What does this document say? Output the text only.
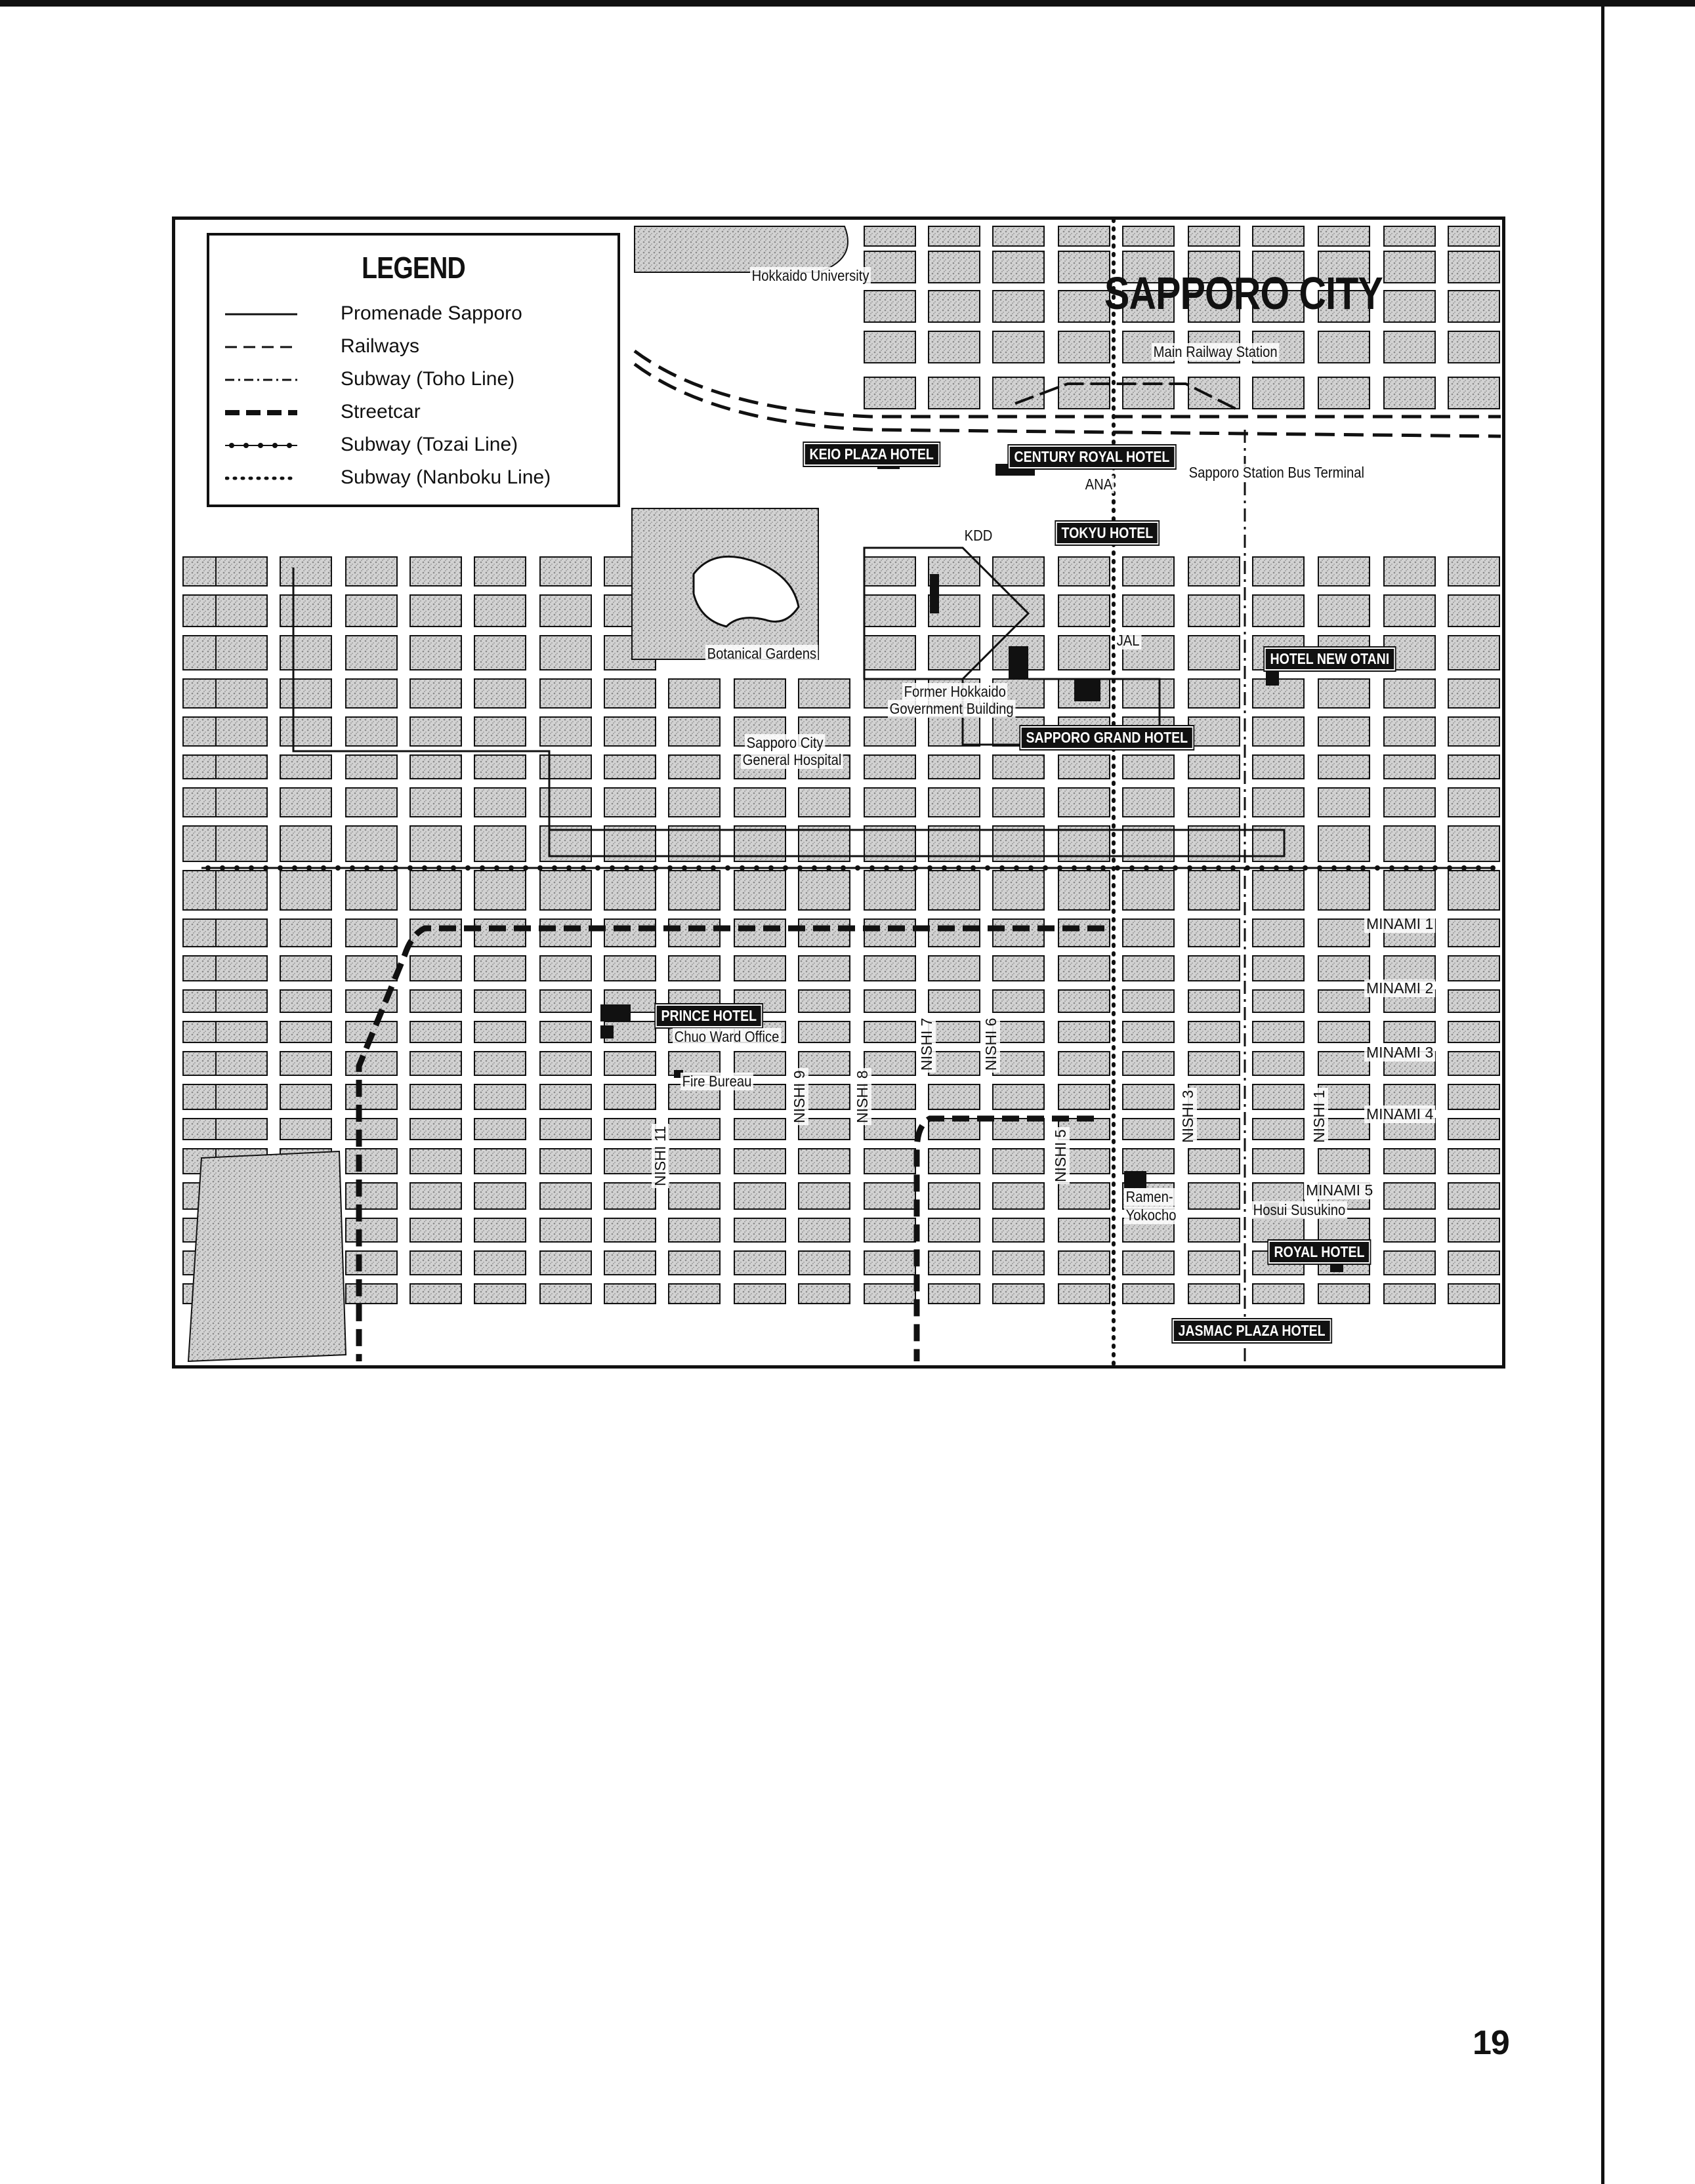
LEGEND
Promenade Sapporo
Railways
Subway (Toho Line)
Streetcar
Subway (Tozai Line)
Subway (Nanboku Line)
SAPPORO CITY
KEIO PLAZA HOTEL	CENTURY ROYAL HOTEL
TOKYU HOTEL
HOTEL NEW OTANI
SAPPORO GRAND HOTEL
PRINCE HOTEL
ROYAL HOTEL
JASMAC PLAZA HOTEL
Hokkaido University
Main Railway Station
Sapporo Station Bus Terminal
ANA
KDD
JAL
Botanical Gardens
Former Hokkaido
Government Building
Sapporo City
General Hospital
Chuo Ward Office
Fire Bureau
Ramen-
Yokocho	Hosui Susukino
NISHI 11
NISHI 9	NISHI 8
NISHI 7	NISHI 6
NISHI 5
NISHI 3	NISHI 1
MINAMI 1
MINAMI 2
MINAMI 3
MINAMI 4
MINAMI 5
19
